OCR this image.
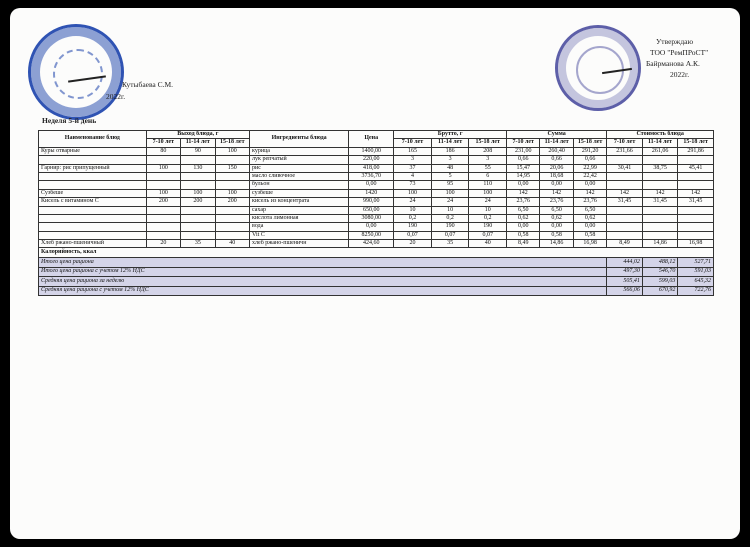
Кутыбаева С.М.
2022г.
Неделя 5-й день
Утверждаю
ТОО "РемПРоСТ"
Байрманова А.К.
2022г.
Наименование блюд	Выход блюда, г			Ингредиенты блюда	Цена	Брутто, г			Сумма			Стоимость блюда		
	7-10 лет	11-14 лет	15-18 лет			7-10 лет	11-14 лет	15-18 лет	7-10 лет	11-14 лет	15-18 лет	7-10 лет	11-14 лет	15-18 лет
Куры отварные	80	90	100	курица	1400,00	165	186	208	231,00	260,40	291,20	231,66	261,06	291,86
				лук репчатый	220,00	3	3	3	0,66	0,66	0,66			
Гарнир: рис припущенный	100	130	150	рис	418,00	37	48	55	15,47	20,06	22,99	30,41	38,75	45,41
				масло сливочное	3736,70	4	5	6	14,95	18,68	22,42			
				бульон	0,00	73	95	110	0,00	0,00	0,00			
Сузбеше	100	100	100	сузбеше	1420	100	100	100	142	142	142	142	142	142
Кисель с витамином С	200	200	200	кисель из концентрата	990,00	24	24	24	23,76	23,76	23,76	31,45	31,45	31,45
				сахар	650,00	10	10	10	6,50	6,50	6,50			
				кислота лимонная	3080,00	0,2	0,2	0,2	0,62	0,62	0,62			
				вода	0,00	190	190	190	0,00	0,00	0,00			
				Vit C	8250,00	0,07	0,07	0,07	0,58	0,58	0,58			
Хлеб ржано-пшеничный	20	35	40	хлеб ржано-пшеничн	424,60	20	35	40	8,49	14,86	16,98	8,49	14,86	16,98
Калорийность, ккал														
Итого цена рациона												444,02	488,12	527,71
Итого цена рациона с учетом 12% НДС												497,30	546,70	591,03
Средняя цена рациона за неделю												505,41	599,03	645,32
Средняя цена рациона с учетом 12% НДС												566,06	670,92	722,76
